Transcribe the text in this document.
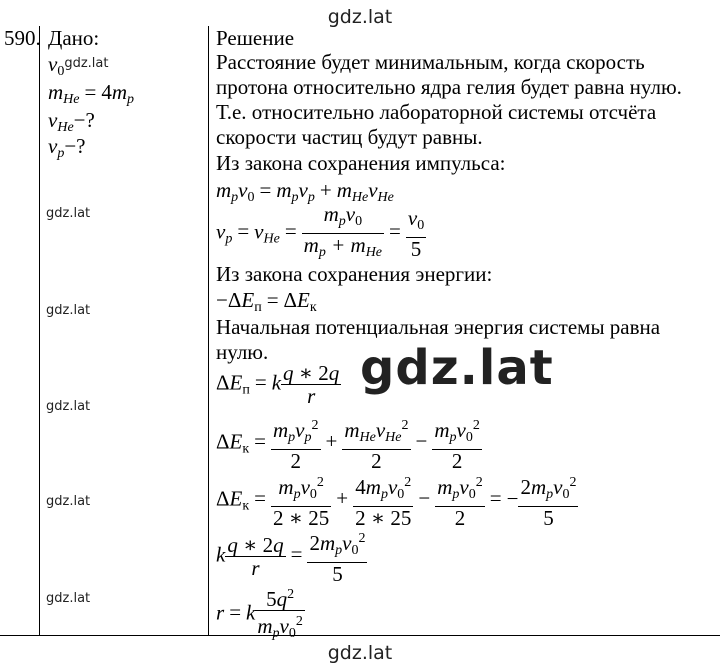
gdz.lat
gdz.lat
gdz.lat
gdz.lat
gdz.lat
gdz.lat
gdz.lat
gdz.lat
590. Дано:
$v_0gdz.lat$
$m_{He} = 4m_p$
$v_{He}-$?
$v_p-$?
Решение
Расстояние будет минимальным, когда скорость
протона относительно ядра гелия будет равна нулю.
Т.е. относительно лабораторной системы отсчёта
скорости частиц будут равны.
Из закона сохранения импульса:
$m_pv_0 = m_pv_p + m_{He}v_{He}$
$v_p = v_{He} = \frac{m_pv_0}{m_p + m_{He}} = \frac{v_0}{5}$
Из закона сохранения энергии:
$-\Delta E_п = \Delta E_к$
Начальная потенциальная энергия системы равна
нулю.
$\Delta E_п = k \frac{q ∗ 2q}{r}$
$\Delta E_к = \frac{m_pv_p^2}{2} + \frac{m_{He}v_{He}^2}{2} - \frac{m_pv_0^2}{2}$
$\Delta E_к = \frac{m_pv_0^2}{2 ∗ 25} + \frac{4m_pv_0^2}{2 ∗ 25} - \frac{m_pv_0^2}{2}$ = − $\frac{2m_pv_0^2}{5}$
k $\frac{q ∗ 2q}{r} = \frac{2m_pv_0^2}{5}$
r = k $\frac{5q^2}{m_pv_0^2}$
